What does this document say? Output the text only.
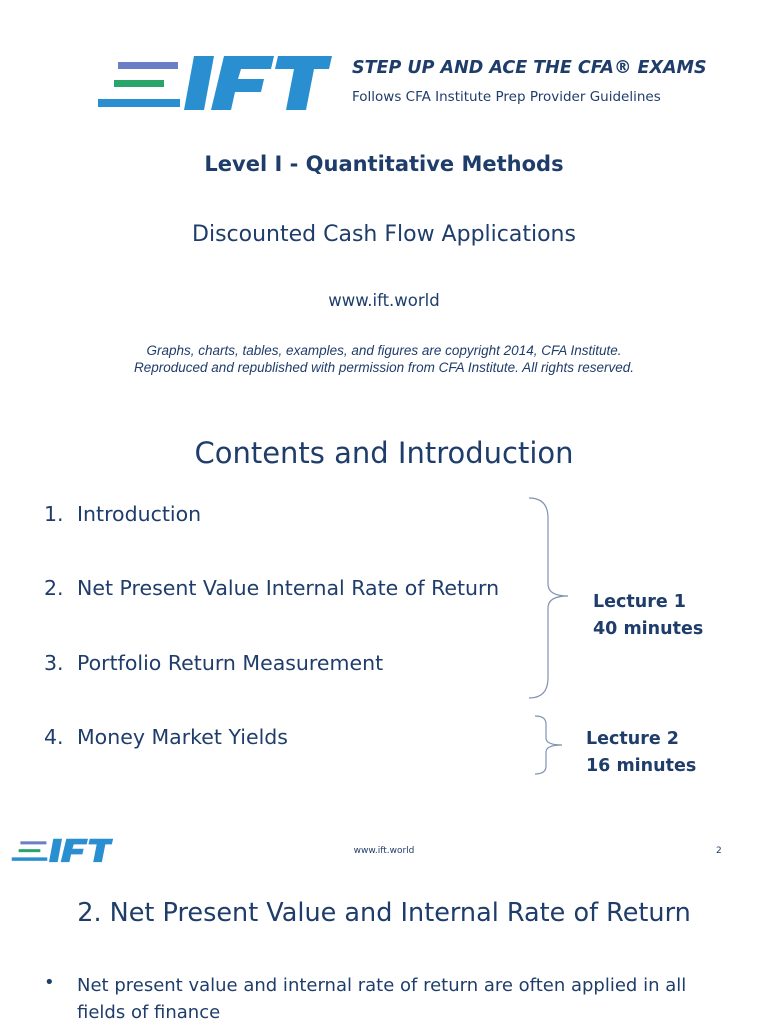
STEP UP AND ACE THE CFA® EXAMS
Follows CFA Institute Prep Provider Guidelines
Level I - Quantitative Methods
Discounted Cash Flow Applications
www.ift.world
Graphs, charts, tables, examples, and figures are copyright 2014, CFA Institute.
Reproduced and republished with permission from CFA Institute. All rights reserved.
Contents and Introduction
1. Introduction
2. Net Present Value Internal Rate of Return
3. Portfolio Return Measurement
4. Money Market Yields
Lecture 1
40 minutes
Lecture 2
16 minutes
www.ift.world	2
2. Net Present Value and Internal Rate of Return
• Net present value and internal rate of return are often applied in all fields of finance
